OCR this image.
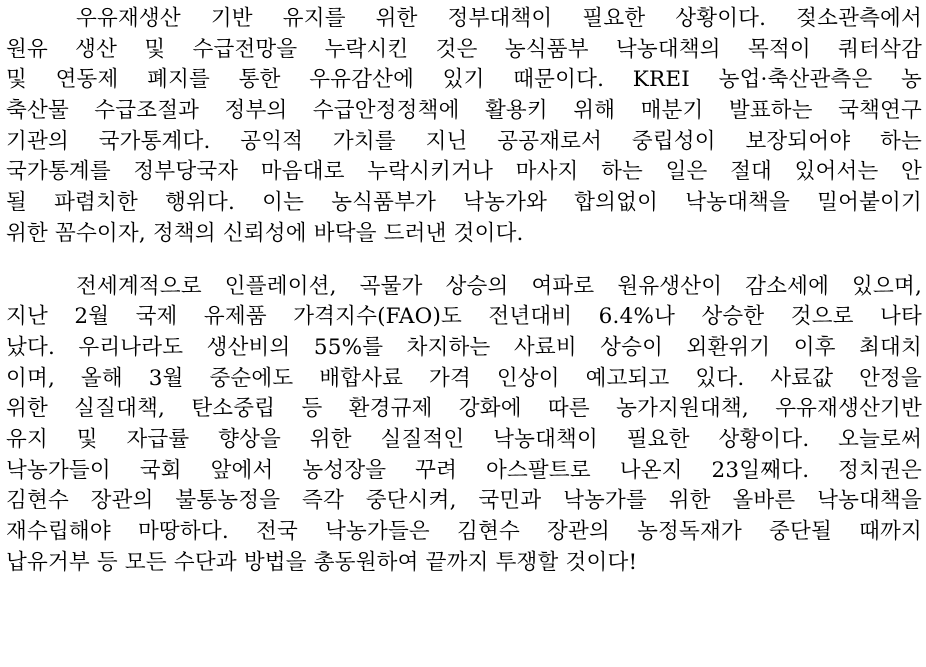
우유재생산 기반 유지를 위한 정부대책이 필요한 상황이다. 젖소관측에서
원유 생산 및 수급전망을 누락시킨 것은 농식품부 낙농대책의 목적이 쿼터삭감
및 연동제 폐지를 통한 우유감산에 있기 때문이다. KREI 농업·축산관측은 농
축산물 수급조절과 정부의 수급안정정책에 활용키 위해 매분기 발표하는 국책연구
기관의 국가통계다. 공익적 가치를 지닌 공공재로서 중립성이 보장되어야 하는
국가통계를 정부당국자 마음대로 누락시키거나 마사지 하는 일은 절대 있어서는 안
될 파렴치한 행위다. 이는 농식품부가 낙농가와 합의없이 낙농대책을 밀어붙이기
위한 꼼수이자, 정책의 신뢰성에 바닥을 드러낸 것이다.
전세계적으로 인플레이션, 곡물가 상승의 여파로 원유생산이 감소세에 있으며,
지난 2월 국제 유제품 가격지수(FAO)도 전년대비 6.4%나 상승한 것으로 나타
났다. 우리나라도 생산비의 55%를 차지하는 사료비 상승이 외환위기 이후 최대치
이며, 올해 3월 중순에도 배합사료 가격 인상이 예고되고 있다. 사료값 안정을
위한 실질대책, 탄소중립 등 환경규제 강화에 따른 농가지원대책, 우유재생산기반
유지 및 자급률 향상을 위한 실질적인 낙농대책이 필요한 상황이다. 오늘로써
낙농가들이 국회 앞에서 농성장을 꾸려 아스팔트로 나온지 23일째다. 정치권은
김현수 장관의 불통농정을 즉각 중단시켜, 국민과 낙농가를 위한 올바른 낙농대책을
재수립해야 마땅하다. 전국 낙농가들은 김현수 장관의 농정독재가 중단될 때까지
납유거부 등 모든 수단과 방법을 총동원하여 끝까지 투쟁할 것이다!
